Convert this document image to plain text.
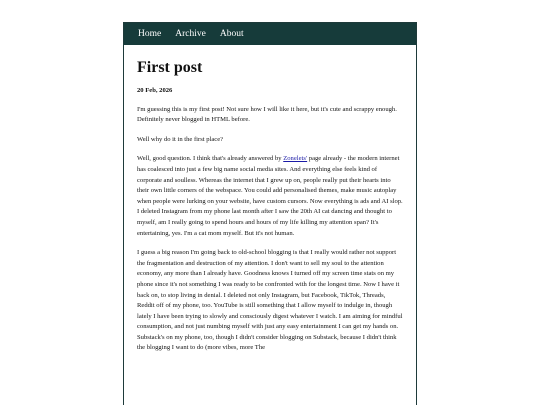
Home Archive About
First post
20 Feb, 2026

I'm guessing this is my first post! Not sure how I will like it here, but it's cute and scrappy enough. Definitely never blogged in HTML before.

Well why do it in the first place?

Well, good question. I think that's already answered by Zonelets' page already - the modern internet has coalesced into just a few big name social media sites. And everything else feels kind of corporate and soulless. Whereas the internet that I grew up on, people really put their hearts into their own little corners of the webspace. You could add personalised themes, make music autoplay when people were lurking on your website, have custom cursors. Now everything is ads and AI slop. I deleted Instagram from my phone last month after I saw the 20th AI cat dancing and thought to myself, am I really going to spend hours and hours of my life killing my attention span? It's entertaining, yes. I'm a cat mom myself. But it's not human.

I guess a big reason I'm going back to old-school blogging is that I really would rather not support the fragmentation and destruction of my attention. I don't want to sell my soul to the attention economy, any more than I already have. Goodness knows I turned off my screen time stats on my phone since it's not something I was ready to be confronted with for the longest time. Now I have it back on, to stop living in denial. I deleted not only Instagram, but Facebook, TikTok, Threads, Reddit off of my phone, too. YouTube is still something that I allow myself to indulge in, though lately I have been trying to slowly and consciously digest whatever I watch. I am aiming for mindful consumption, and not just numbing myself with just any easy entertainment I can get my hands on. Substack's on my phone, too, though I didn't consider blogging on Substack, because I didn't think the blogging I want to do (more vibes, more The
